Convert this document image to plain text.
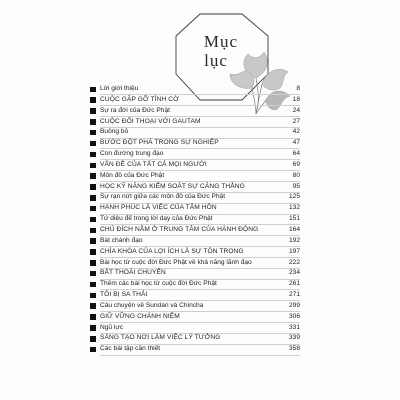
Mục
lục
Lời giới thiệu	8
CUỘC GẶP GỠ TÌNH CỜ	18
Sự ra đời của Đức Phật	24
CUỘC ĐỐI THOẠI VỚI GAUTAM	27
Buông bỏ	42
BƯỚC ĐỘT PHÁ TRONG SỰ NGHIỆP	47
Con đường trung đạo	64
VẤN ĐỀ CỦA TẤT CẢ MỌI NGƯỜI	69
Môn đồ của Đức Phật	80
HỌC KỸ NĂNG KIỂM SOÁT SỰ CĂNG THẲNG	95
Sự rạn nứt giữa các môn đồ của Đức Phật	125
HẠNH PHÚC LÀ VIỆC CỦA TÂM HỒN	132
Tứ diệu đế trong lời dạy của Đức Phật	151
CHỦ ĐÍCH NẰM Ở TRUNG TÂM CỦA HÀNH ĐỘNG	164
Bát chánh đạo	192
CHÌA KHÓA CỦA LỢI ÍCH LÀ SỰ TÔN TRỌNG	197
Bài học từ cuộc đời Đức Phật về khả năng lãnh đạo	222
BẤT THOÁI CHUYỂN	234
Thêm các bài học từ cuộc đời Đức Phật	261
TÔI BỊ SA THẢI	271
Câu chuyện về Sundari và Chincha	299
GIỮ VỮNG CHÁNH NIỆM	306
Ngũ lực	331
SÁNG TẠO NƠI LÀM VIỆC LÝ TƯỞNG	339
Các bài tập cần thiết	358
